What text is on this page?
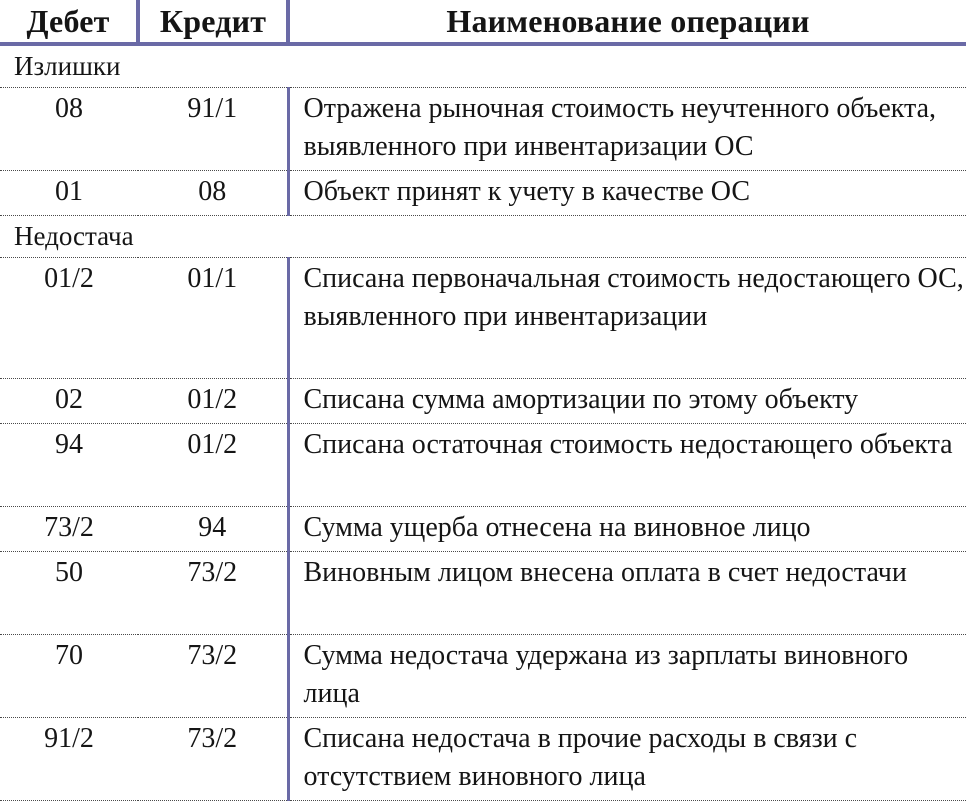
Дебет	Кредит	Наименование операции
Излишки		
08	91/1	Отражена рыночная стоимость неучтенного объекта, выявленного при инвентаризации ОС
01	08	Объект принят к учету в качестве ОС
Недостача		
01/2	01/1	Списана первоначальная стоимость недостающего ОС, выявленного при инвентаризации
02	01/2	Списана сумма амортизации по этому объекту
94	01/2	Списана остаточная стоимость недостающего объекта
73/2	94	Сумма ущерба отнесена на виновное лицо
50	73/2	Виновным лицом внесена оплата в счет недостачи
70	73/2	Сумма недостача удержана из зарплаты виновного лица
91/2	73/2	Списана недостача в прочие расходы в связи с отсутствием виновного лица
